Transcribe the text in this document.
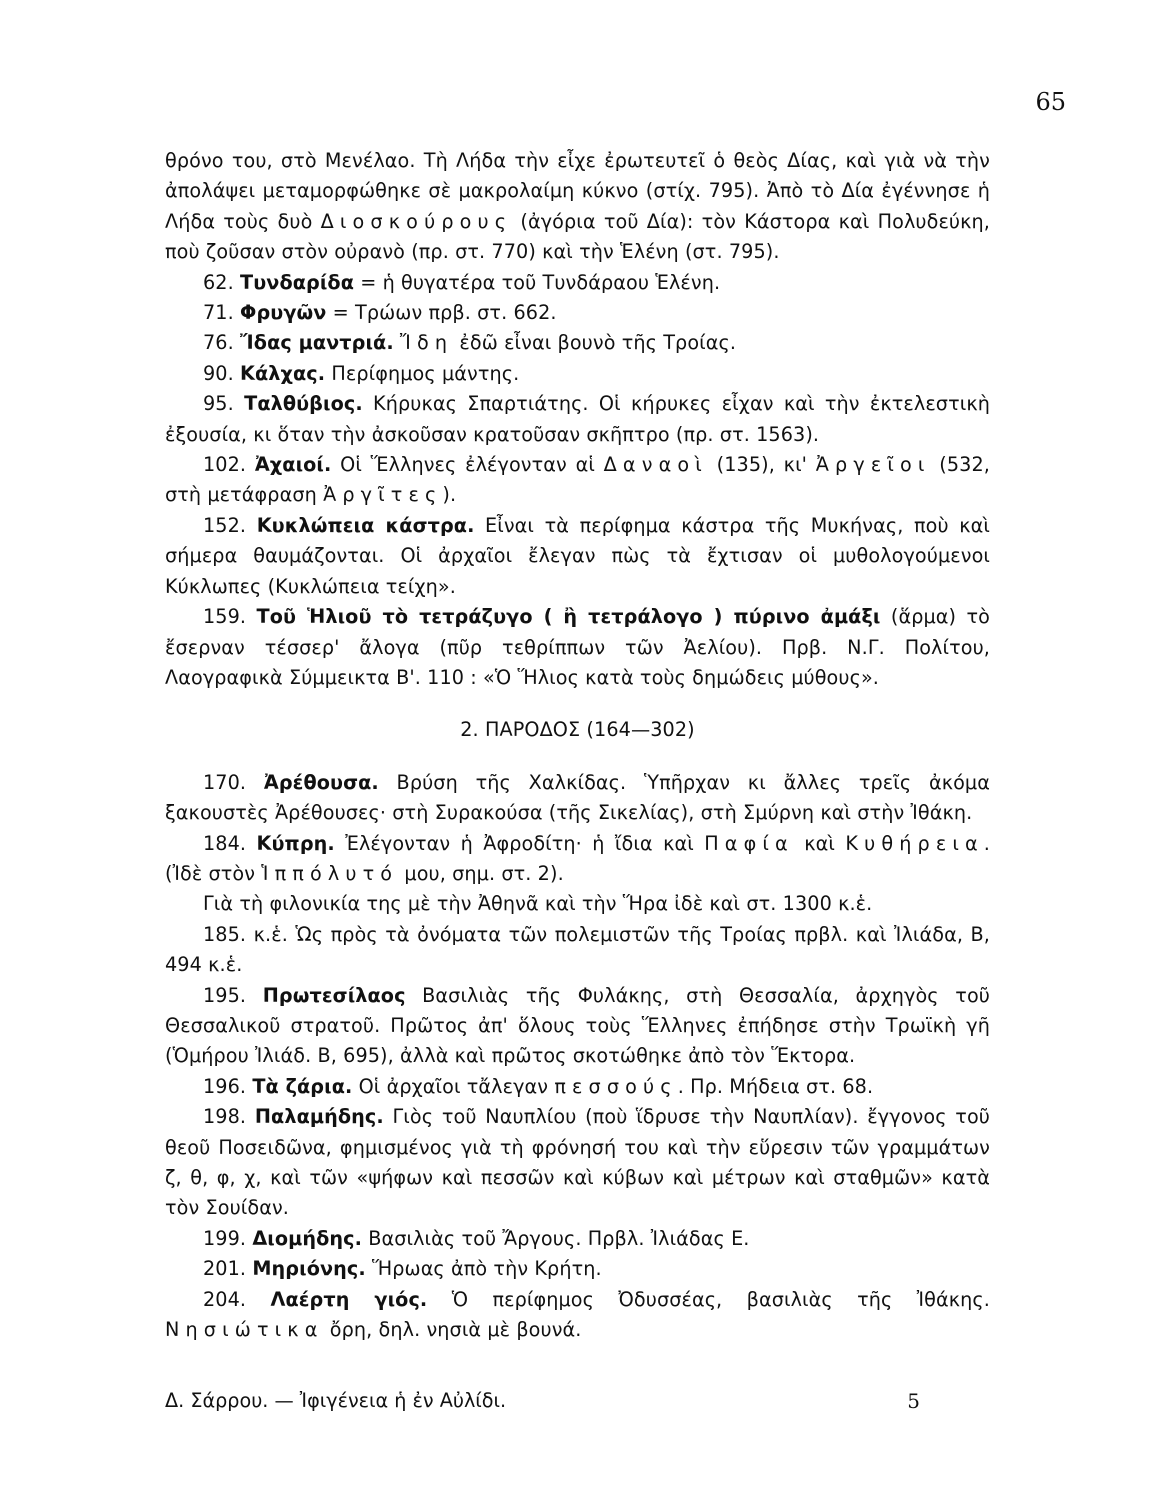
65

θρόνο του, στὸ Μενέλαο. Τὴ Λήδα τὴν εἶχε ἐρωτευτεῖ ὁ θεὸς Δίας, καὶ γιὰ νὰ τὴν ἀπολάψει μεταμορφώθηκε σὲ μακρολαίμη κύκνο (στίχ. 795). Ἀπὸ τὸ Δία ἐγέννησε ἡ Λήδα τοὺς δυὸ Διοσκούρους (ἀγόρια τοῦ Δία): τὸν Κάστορα καὶ Πολυδεύκη, ποὺ ζοῦσαν στὸν οὐρανὸ (πρ. στ. 770) καὶ τὴν Ἑλένη (στ. 795).

62. Τυνδαρίδα = ἡ θυγατέρα τοῦ Τυνδάραου Ἑλένη.

71. Φρυγῶν = Τρώων πρβ. στ. 662.

76. Ἴδας μαντριά. Ἴδη ἐδῶ εἶναι βουνὸ τῆς Τροίας.

90. Κάλχας. Περίφημος μάντης.

95. Ταλθύβιος. Κήρυκας Σπαρτιάτης. Οἱ κήρυκες εἶχαν καὶ τὴν ἐκτελεστικὴ ἐξουσία, κι ὅταν τὴν ἀσκοῦσαν κρατοῦσαν σκῆπτρο (πρ. στ. 1563).

102. Ἀχαιοί. Οἱ Ἕλληνες ἐλέγονταν αἱ Δαναοὶ (135), κι' Ἀργεῖοι (532, στὴ μετάφραση Ἀργῖτες).

152. Κυκλώπεια κάστρα. Εἶναι τὰ περίφημα κάστρα τῆς Μυκήνας, ποὺ καὶ σήμερα θαυμάζονται. Οἱ ἀρχαῖοι ἔλεγαν πὼς τὰ ἔχτισαν οἱ μυθολογούμενοι Κύκλωπες (Κυκλώπεια τείχη».

159. Τοῦ Ἡλιοῦ τὸ τετράζυγο ( ἢ τετράλογο ) πύρινο ἀμάξι (ἅρμα) τὸ ἔσερναν τέσσερ' ἄλογα (πῦρ τεθρίππων τῶν Ἀελίου). Πρβ. Ν.Γ. Πολίτου, Λαογραφικὰ Σύμμεικτα Β'. 110 : «Ὁ Ἥλιος κατὰ τοὺς δημώδεις μύθους».

2. ΠΑΡΟΔΟΣ (164—302)

170. Ἀρέθουσα. Βρύση τῆς Χαλκίδας. Ὑπῆρχαν κι ἄλλες τρεῖς ἀκόμα ξακουστὲς Ἀρέθουσες· στὴ Συρακούσα (τῆς Σικελίας), στὴ Σμύρνη καὶ στὴν Ἰθάκη.

184. Κύπρη. Ἐλέγονταν ἡ Ἀφροδίτη· ἡ ἴδια καὶ Παφία καὶ Κυθήρεια. (Ἰδὲ στὸν Ἱππόλυτό μου, σημ. στ. 2).

Γιὰ τὴ φιλονικία της μὲ τὴν Ἀθηνᾶ καὶ τὴν Ἥρα ἰδὲ καὶ στ. 1300 κ.ἑ.

185. κ.ἑ. Ὡς πρὸς τὰ ὀνόματα τῶν πολεμιστῶν τῆς Τροίας πρβλ. καὶ Ἰλιάδα, Β, 494 κ.ἑ.

195. Πρωτεσίλαος Βασιλιὰς τῆς Φυλάκης, στὴ Θεσσαλία, ἀρχηγὸς τοῦ Θεσσαλικοῦ στρατοῦ. Πρῶτος ἀπ' ὅλους τοὺς Ἕλληνες ἐπήδησε στὴν Τρωϊκὴ γῆ (Ὁμήρου Ἰλιάδ. Β, 695), ἀλλὰ καὶ πρῶτος σκοτώθηκε ἀπὸ τὸν Ἕκτορα.

196. Τὰ ζάρια. Οἱ ἀρχαῖοι τἄλεγαν πεσσούς. Πρ. Μήδεια στ. 68.

198. Παλαμήδης. Γιὸς τοῦ Ναυπλίου (ποὺ ἵδρυσε τὴν Ναυπλίαν). ἔγγονος τοῦ θεοῦ Ποσειδῶνα, φημισμένος γιὰ τὴ φρόνησή του καὶ τὴν εὕρεσιν τῶν γραμμάτων ζ, θ, φ, χ, καὶ τῶν «ψήφων καὶ πεσσῶν καὶ κύβων καὶ μέτρων καὶ σταθμῶν» κατὰ τὸν Σουίδαν.

199. Διομήδης. Βασιλιὰς τοῦ Ἄργους. Πρβλ. Ἰλιάδας Ε.

201. Μηριόνης. Ἥρωας ἀπὸ τὴν Κρήτη.

204. Λαέρτη γιός. Ὁ περίφημος Ὀδυσσέας, βασιλιὰς τῆς Ἰθάκης. Νησιώτικα ὄρη, δηλ. νησιὰ μὲ βουνά.

Δ. Σάρρου. — Ἰφιγένεια ἡ ἐν Αὐλίδι.	5
